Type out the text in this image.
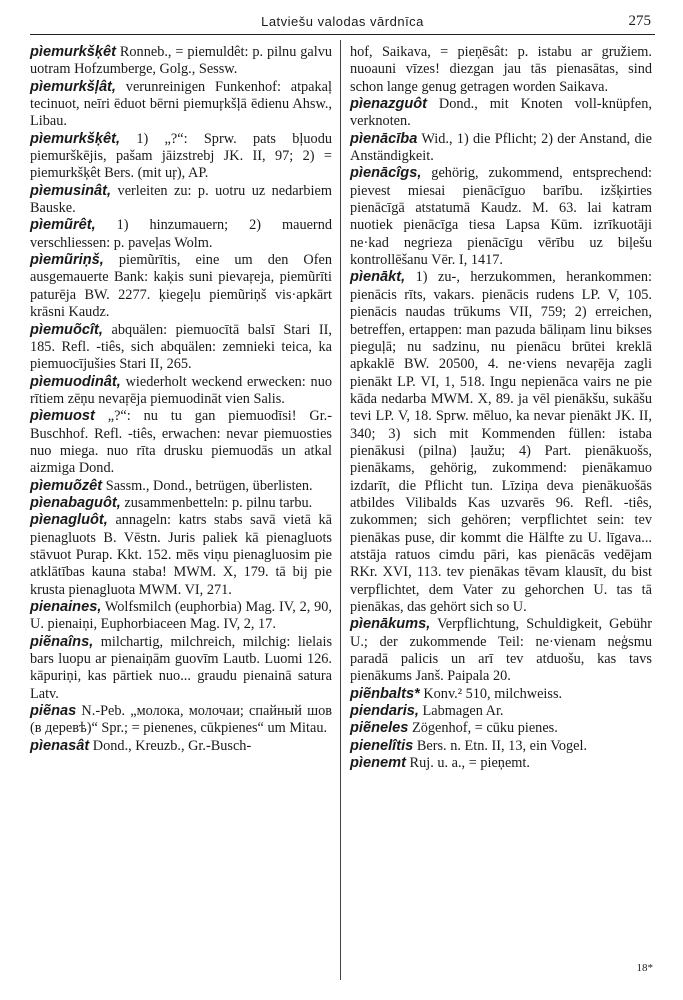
Latviešu valodas vārdnīca	275
pìemurkšķêt Ronneb., = piemuldêt: p. pilnu galvu uotram Hofzumberge, Golg., Sessw.
pìemurkšļât, verunreinigen Funkenhof: atpakaļ tecinuot, neīri ēduot bērni piemuŗkšļā ēdienu Ahsw., Libau.
pìemurkšķêt, 1) „?“: Sprw. pats bļuodu piemurškējis, pašam jāizstrebj JK. II, 97; 2) = piemurkšķêt Bers. (mit uŗ), AP.
pìemusinât, verleiten zu: p. uotru uz nedarbiem Bauske.
pìemũrêt, 1) hinzumauern; 2) mauernd verschliessen: p. paveļas Wolm.
pìemũriņš, piemũrītis, eine um den Ofen ausgemauerte Bank: kaķis suni pievaŗeja, piemũrīti paturēja BW. 2277. ķiegeļu piemũriņš vis·apkārt krāsni Kaudz.
pìemuõcît, abquälen: piemuocītā balsī Stari II, 185. Refl. -tiês, sich abquälen: zemnieki teica, ka piemuocījušies Stari II, 265.
pìemuodinât, wiederholt weckend erwecken: nuo rītiem zēņu nevaŗēja piemuodināt vien Salis.
pìemuost „?“: nu tu gan piemuodīsi! Gr.-Buschhof. Refl. -tiês, erwachen: nevar piemuosties nuo miega. nuo rīta drusku piemuodās un atkal aizmiga Dond.
pìemuõzêt Sassm., Dond., betrügen, überlisten.
pìenabaguôt, zusammenbetteln: p. pilnu tarbu.
pìenagluôt, annageln: katrs stabs savā vietā kā pienagluots B. Vēstn. Juris paliek kā pienagluots stāvuot Purap. Kkt. 152. mēs viņu pienagluosim pie atklātības kauna staba! MWM. X, 179. tā bij pie krusta pienagluota MWM. VI, 271.
pienaines, Wolfsmilch (euphorbia) Mag. IV, 2, 90, U. pienaiņi, Euphorbiaceen Mag. IV, 2, 17.
piẽnaîns, milchartig, milchreich, milchig: lielais bars luopu ar pienaiņām guovīm Lautb. Luomi 126. kāpuriņi, kas pārtiek nuo... graudu pienainā satura Latv.
piẽnas N.-Peb. „молока, молочаи; спайный шов (в деревѣ)“ Spr.; = pienenes, cūkpienes“ um Mitau.
pìenasât Dond., Kreuzb., Gr.-Busch-
hof, Saikava, = pieņēsât: p. istabu ar gružiem. nuoauni vīzes! diezgan jau tās pienasātas, sind schon lange genug getragen worden Saikava.
pìenazguôt Dond., mit Knoten voll-knüpfen, verknoten.
pìenācība Wid., 1) die Pflicht; 2) der Anstand, die Anständigkeit.
pìenācîgs, gehörig, zukommend, entsprechend: pievest miesai pienācīguo barību. izšķirties pienācīgā atstatumā Kaudz. M. 63. lai katram nuotiek pienācīga tiesa Lapsa Kūm. izrīkuotāji ne·kad negrieza pienācīgu vērību uz biļešu kontrollēšanu Vēr. I, 1417.
pìenākt, 1) zu-, herzukommen, herankommen: pienācis rīts, vakars. pienācis rudens LP. V, 105. pienācis naudas trūkums VII, 759; 2) erreichen, betreffen, ertappen: man pazuda bāliņam linu bikses pieguļā; nu sadzinu, nu pienācu brūtei kreklā apkaklē BW. 20500, 4. ne·viens nevaŗēja zagli pienākt LP. VI, 1, 518. Ingu nepienāca vairs ne pie kāda nedarba MWM. X, 89. ja vēl pienākšu, sukāšu tevi LP. V, 18. Sprw. mēluo, ka nevar pienākt JK. II, 340; 3) sich mit Kommenden füllen: istaba pienākusi (pilna) ļaužu; 4) Part. pienākuošs, pienākams, gehörig, zukommend: pienākamuo izdarīt, die Pflicht tun. Līziņa deva pienākuošās atbildes Vilibalds Kas uzvarēs 96. Refl. -tiês, zukommen; sich gehören; verpflichtet sein: tev pienākas puse, dir kommt die Hälfte zu U. līgava... atstāja ratuos cimdu pāri, kas pienācās vedējam RKr. XVI, 113. tev pienākas tēvam klausīt, du bist verpflichtet, dem Vater zu gehorchen U. tas tā pienākas, das gehört sich so U.
pìenākums, Verpflichtung, Schuldigkeit, Gebühr U.; der zukommende Teil: ne·vienam neģsmu paradā palicis un arī tev atduošu, kas tavs pienākums Janš. Paipala 20.
piẽnbalts* Konv.² 510, milchweiss.
piendaris, Labmagen Ar.
piẽneles Zögenhof, = cūku pienes.
pienelîtis Bers. n. Etn. II, 13, ein Vogel.
pìenemt Ruj. u. a., = pieņemt.
18*
